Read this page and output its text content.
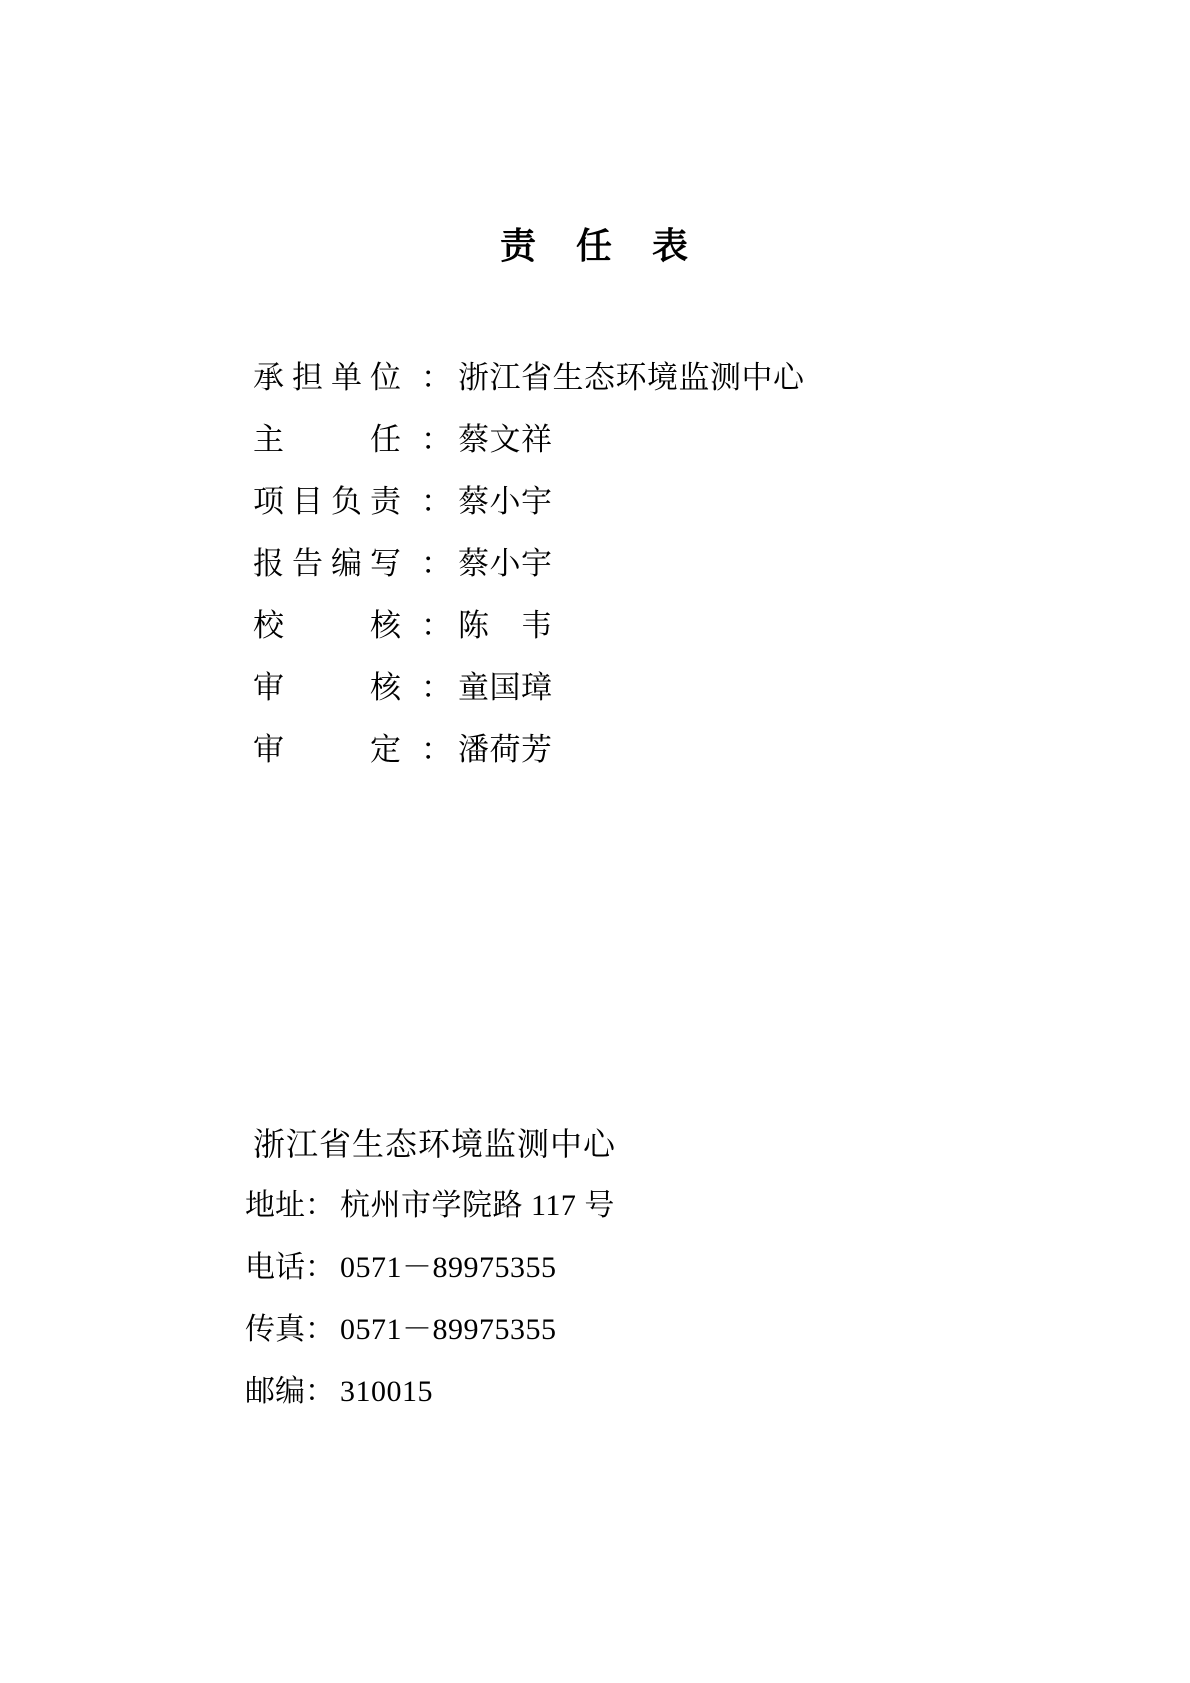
责　任　表
承 担 单 位 ： 浙江省生态环境监测中心
主	任 ： 蔡文祥
项 目 负 责 ： 蔡小宇
报 告 编 写 ： 蔡小宇
校	核 ： 陈　韦
审	核 ： 童国璋
审	定 ： 潘荷芳
浙江省生态环境监测中心
地址 ： 杭州市学院路 117 号
电话 ： 0571－89975355
传真 ： 0571－89975355
邮编 ： 310015
